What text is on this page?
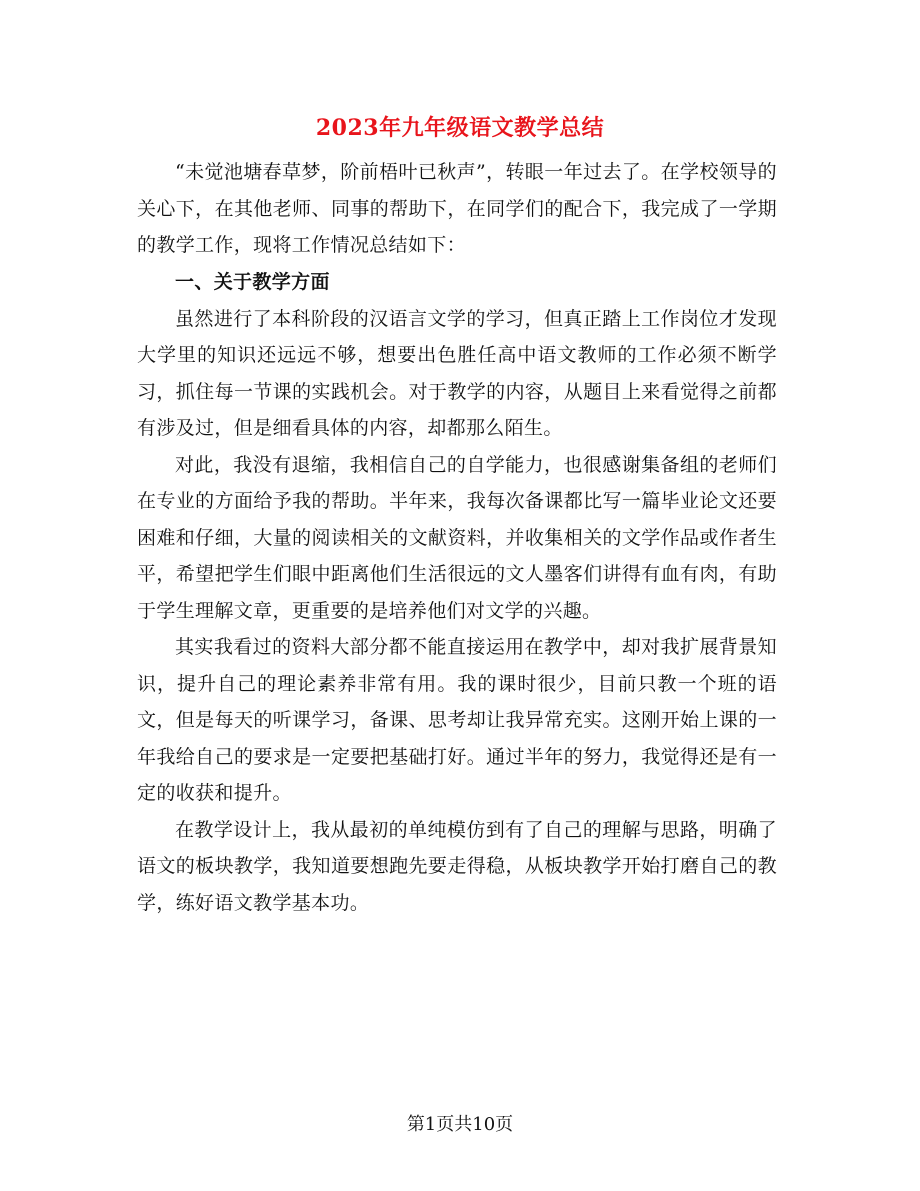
2023年九年级语文教学总结

“未觉池塘春草梦，阶前梧叶已秋声”，转眼一年过去了。在学校领导的关心下，在其他老师、同事的帮助下，在同学们的配合下，我完成了一学期的教学工作，现将工作情况总结如下：

一、关于教学方面

虽然进行了本科阶段的汉语言文学的学习，但真正踏上工作岗位才发现大学里的知识还远远不够，想要出色胜任高中语文教师的工作必须不断学习，抓住每一节课的实践机会。对于教学的内容，从题目上来看觉得之前都有涉及过，但是细看具体的内容，却都那么陌生。

对此，我没有退缩，我相信自己的自学能力，也很感谢集备组的老师们在专业的方面给予我的帮助。半年来，我每次备课都比写一篇毕业论文还要困难和仔细，大量的阅读相关的文献资料，并收集相关的文学作品或作者生平，希望把学生们眼中距离他们生活很远的文人墨客们讲得有血有肉，有助于学生理解文章，更重要的是培养他们对文学的兴趣。

其实我看过的资料大部分都不能直接运用在教学中，却对我扩展背景知识，提升自己的理论素养非常有用。我的课时很少，目前只教一个班的语文，但是每天的听课学习，备课、思考却让我异常充实。这刚开始上课的一年我给自己的要求是一定要把基础打好。通过半年的努力，我觉得还是有一定的收获和提升。

在教学设计上，我从最初的单纯模仿到有了自己的理解与思路，明确了语文的板块教学，我知道要想跑先要走得稳，从板块教学开始打磨自己的教学，练好语文教学基本功。

第1页共10页
